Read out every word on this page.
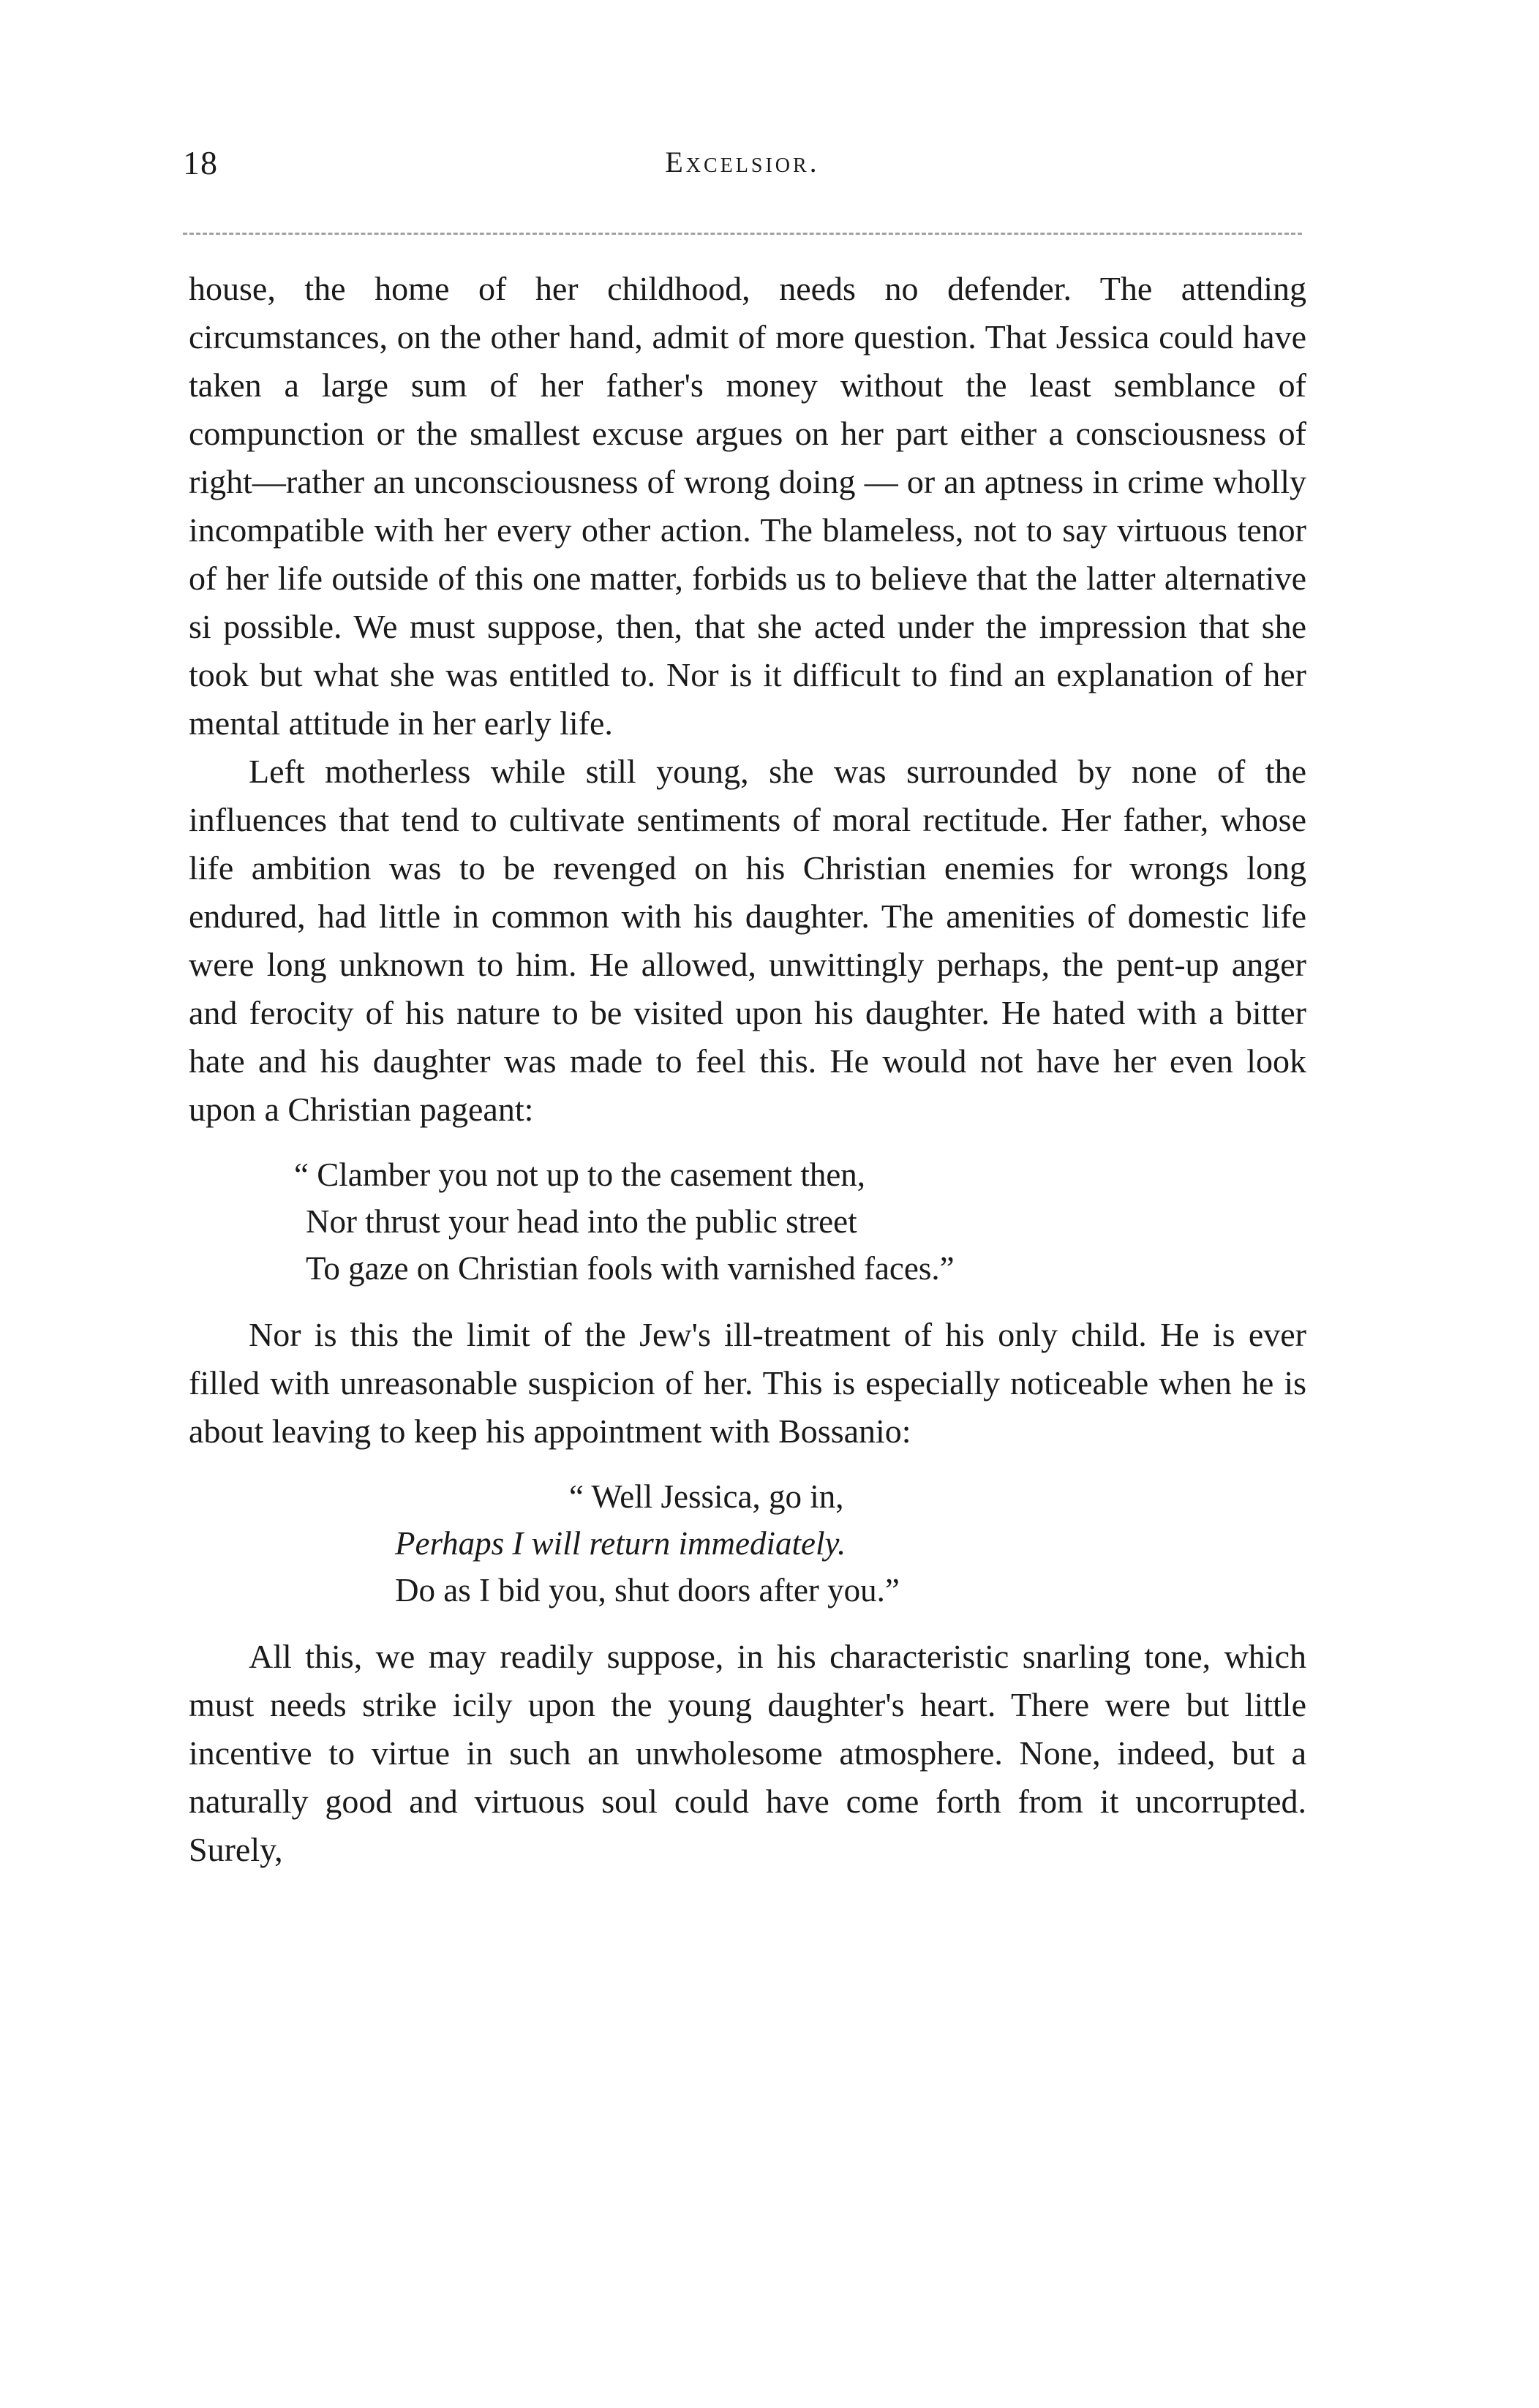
18	Excelsior.

house, the home of her childhood, needs no defender. The attending circumstances, on the other hand, admit of more question. That Jessica could have taken a large sum of her father's money without the least semblance of compunction or the smallest excuse argues on her part either a consciousness of right—rather an unconsciousness of wrong doing — or an aptness in crime wholly incompatible with her every other action. The blameless, not to say virtuous tenor of her life outside of this one matter, forbids us to believe that the latter alternative si possible. We must suppose, then, that she acted under the impression that she took but what she was entitled to. Nor is it difficult to find an explanation of her mental attitude in her early life.

Left motherless while still young, she was surrounded by none of the influences that tend to cultivate sentiments of moral rectitude. Her father, whose life ambition was to be revenged on his Christian enemies for wrongs long endured, had little in common with his daughter. The amenities of domestic life were long unknown to him. He allowed, unwittingly perhaps, the pent-up anger and ferocity of his nature to be visited upon his daughter. He hated with a bitter hate and his daughter was made to feel this. He would not have her even look upon a Christian pageant:

“ Clamber you not up to the casement then,
Nor thrust your head into the public street
To gaze on Christian fools with varnished faces.”

Nor is this the limit of the Jew's ill-treatment of his only child. He is ever filled with unreasonable suspicion of her. This is especially noticeable when he is about leaving to keep his appointment with Bossanio:

“ Well Jessica, go in,
Perhaps I will return immediately.
Do as I bid you, shut doors after you.”

All this, we may readily suppose, in his characteristic snarling tone, which must needs strike icily upon the young daughter's heart. There were but little incentive to virtue in such an unwholesome atmosphere. None, indeed, but a naturally good and virtuous soul could have come forth from it uncorrupted. Surely,
